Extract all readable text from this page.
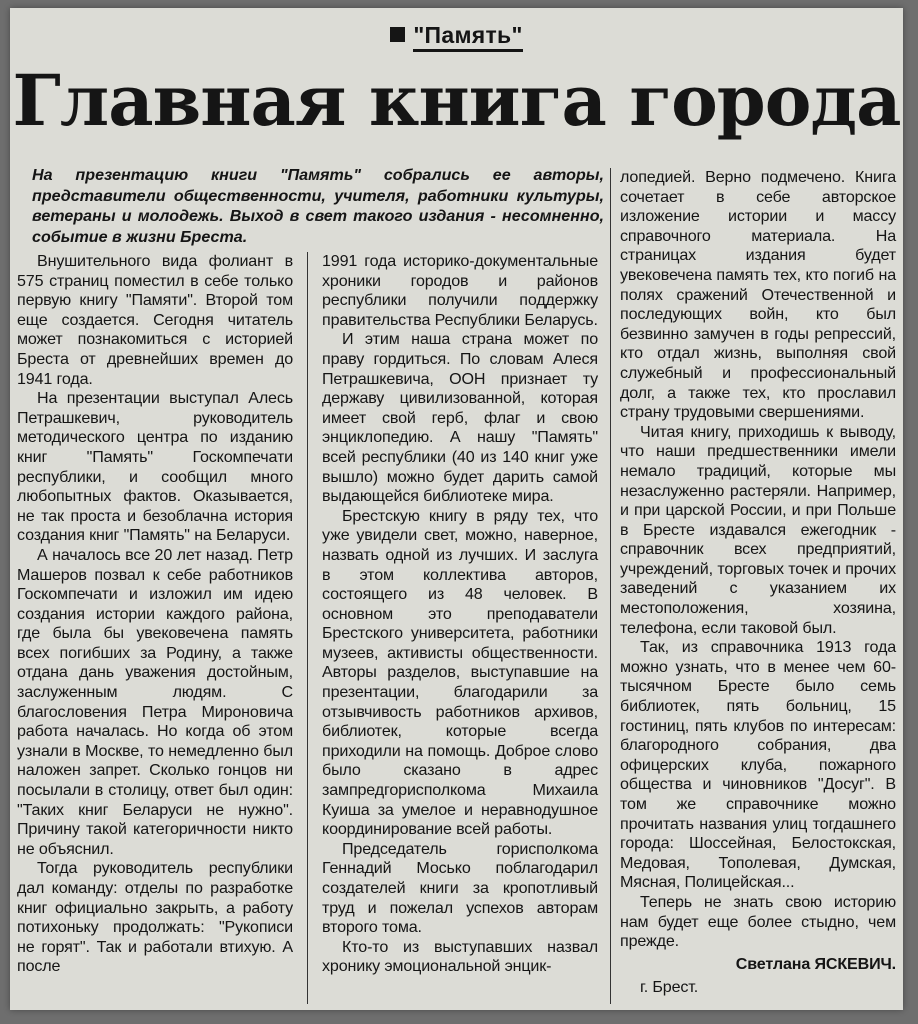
"Память"
Главная книга города
На презентацию книги "Память" собрались ее авторы, представители общественности, учителя, работники культуры, ветераны и молодежь. Выход в свет такого издания - несомненно, событие в жизни Бреста.

Внушительного вида фолиант в 575 страниц поместил в себе только первую книгу "Памяти". Второй том еще создается. Сегодня читатель может познакомиться с историей Бреста от древнейших времен до 1941 года.

На презентации выступал Алесь Петрашкевич, руководитель методического центра по изданию книг "Память" Госкомпечати республики, и сообщил много любопытных фактов. Оказывается, не так проста и безоблачна история создания книг "Память" на Беларуси.

А началось все 20 лет назад. Петр Машеров позвал к себе работников Госкомпечати и изложил им идею создания истории каждого района, где была бы увековечена память всех погибших за Родину, а также отдана дань уважения достойным, заслуженным людям. С благословения Петра Мироновича работа началась. Но когда об этом узнали в Москве, то немедленно был наложен запрет. Сколько гонцов ни посылали в столицу, ответ был один: "Таких книг Беларуси не нужно". Причину такой категоричности никто не объяснил.

Тогда руководитель республики дал команду: отделы по разработке книг официально закрыть, а работу потихоньку продолжать: "Рукописи не горят". Так и работали втихую. А после

1991 года историко-документальные хроники городов и районов республики получили поддержку правительства Республики Беларусь.

И этим наша страна может по праву гордиться. По словам Алеся Петрашкевича, ООН признает ту державу цивилизованной, которая имеет свой герб, флаг и свою энциклопедию. А нашу "Память" всей республики (40 из 140 книг уже вышло) можно будет дарить самой выдающейся библиотеке мира.

Брестскую книгу в ряду тех, что уже увидели свет, можно, наверное, назвать одной из лучших. И заслуга в этом коллектива авторов, состоящего из 48 человек. В основном это преподаватели Брестского университета, работники музеев, активисты общественности. Авторы разделов, выступавшие на презентации, благодарили за отзывчивость работников архивов, библиотек, которые всегда приходили на помощь. Доброе слово было сказано в адрес зампредгорисполкома Михаила Куиша за умелое и неравнодушное координирование всей работы.

Председатель горисполкома Геннадий Мосько поблагодарил создателей книги за кропотливый труд и пожелал успехов авторам второго тома.

Кто-то из выступавших назвал хронику эмоциональной энцик-

лопедией. Верно подмечено. Книга сочетает в себе авторское изложение истории и массу справочного материала. На страницах издания будет увековечена память тех, кто погиб на полях сражений Отечественной и последующих войн, кто был безвинно замучен в годы репрессий, кто отдал жизнь, выполняя свой служебный и профессиональный долг, а также тех, кто прославил страну трудовыми свершениями.

Читая книгу, приходишь к выводу, что наши предшественники имели немало традиций, которые мы незаслуженно растеряли. Например, и при царской России, и при Польше в Бресте издавался ежегодник - справочник всех предприятий, учреждений, торговых точек и прочих заведений с указанием их местоположения, хозяина, телефона, если таковой был.

Так, из справочника 1913 года можно узнать, что в менее чем 60-тысячном Бресте было семь библиотек, пять больниц, 15 гостиниц, пять клубов по интересам: благородного собрания, два офицерских клуба, пожарного общества и чиновников "Досуг". В том же справочнике можно прочитать названия улиц тогдашнего города: Шоссейная, Белостокская, Медовая, Тополевая, Думская, Мясная, Полицейская...

Теперь не знать свою историю нам будет еще более стыдно, чем прежде.

Светлана ЯСКЕВИЧ.
г. Брест.
